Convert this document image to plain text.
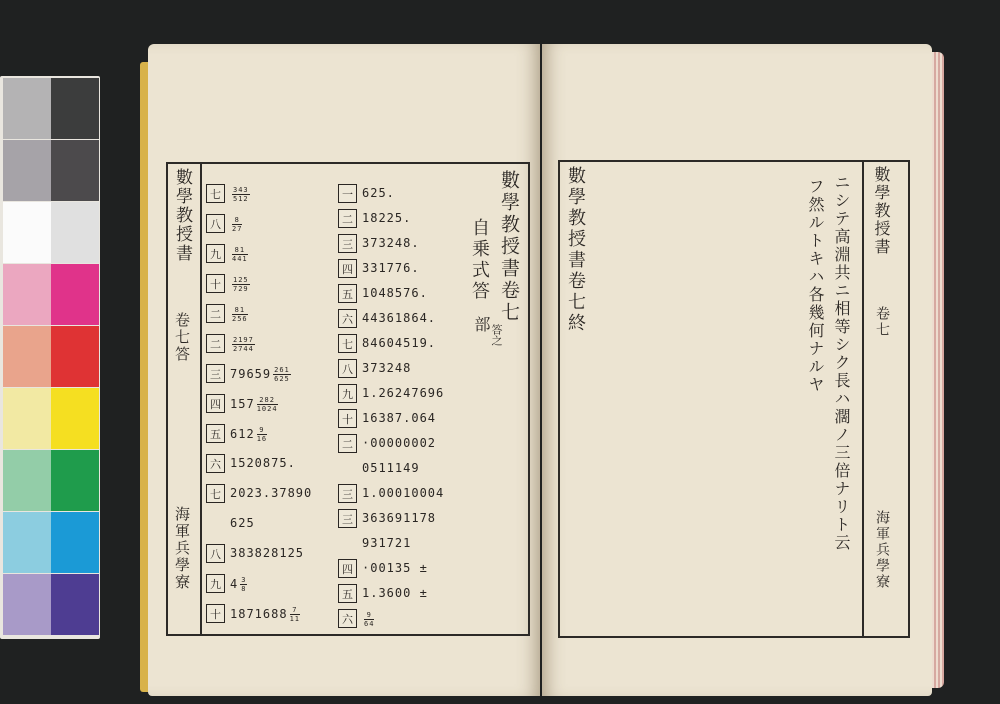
數學教授書
卷七答
海軍兵學寮
數學教授書卷七
自乗式答
部 答之
一 625.
二 18225.
三 373248.
四 331776.
五 1048576.
六 44361864.
七 84604519.
八 373248
九 1.26247696
十 16387.064
二 ·00000002
0511149
三 1.00010004
三 363691178
931721
四 ·00135 ±
五 1.3600 ±
六	$\frac{9}{64}$
七	$\frac{343}{512}$
八	$\frac{8}{27}$
九	$\frac{81}{441}$
十	$\frac{125}{729}$
二	$\frac{81}{256}$
二	$\frac{2197}{2744}$
三 $79659 \frac{261}{625}$
四 $157 \frac{282}{1024}$
五 $612 \frac{9}{16}$
六 1520875.
七 2023.37890
625
八 383828125
九 $4 \frac{3}{8}$
十 $1871688 \frac{7}{11}$

數學教授書卷七終	ニシテ高淵共ニ相等シク長ハ濶ノ三倍ナリト云
フ然ルトキハ各幾何ナルヤ	數學教授書
卷七
海軍兵學寮
